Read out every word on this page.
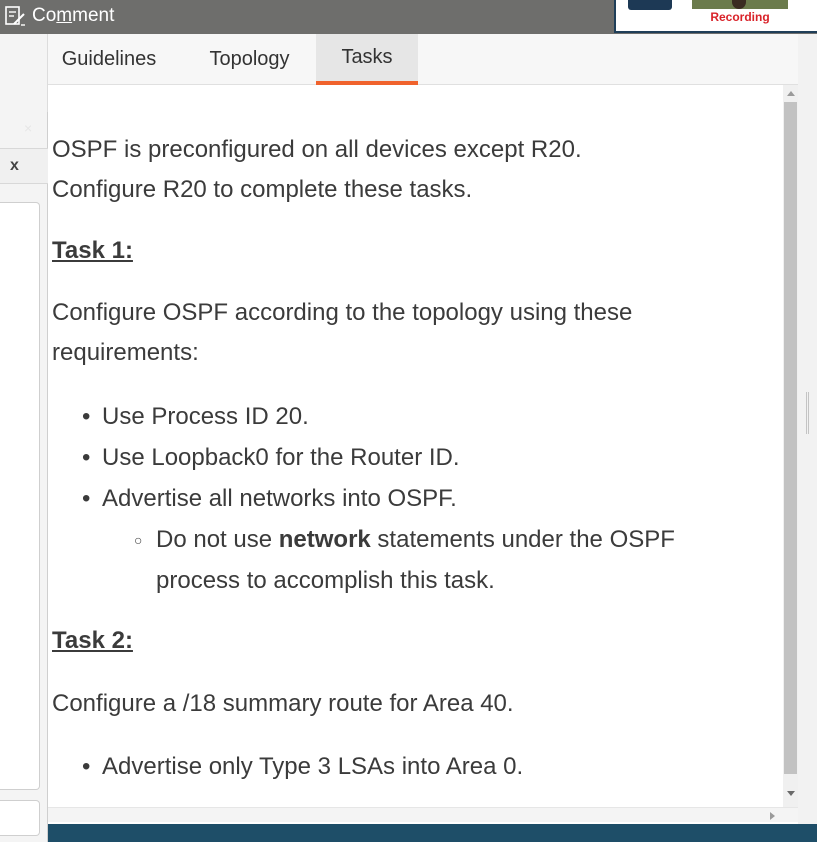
Comment	Recording
×
x
Guidelines	Topology	Tasks

OSPF is preconfigured on all devices except R20.

Configure R20 to complete these tasks.

Task 1:

Configure OSPF according to the topology using these requirements:

• Use Process ID 20.
• Use Loopback0 for the Router ID.
• Advertise all networks into OSPF.
○ Do not use network statements under the OSPF process to accomplish this task.
Task 2:

Configure a /18 summary route for Area 40.

• Advertise only Type 3 LSAs into Area 0.
